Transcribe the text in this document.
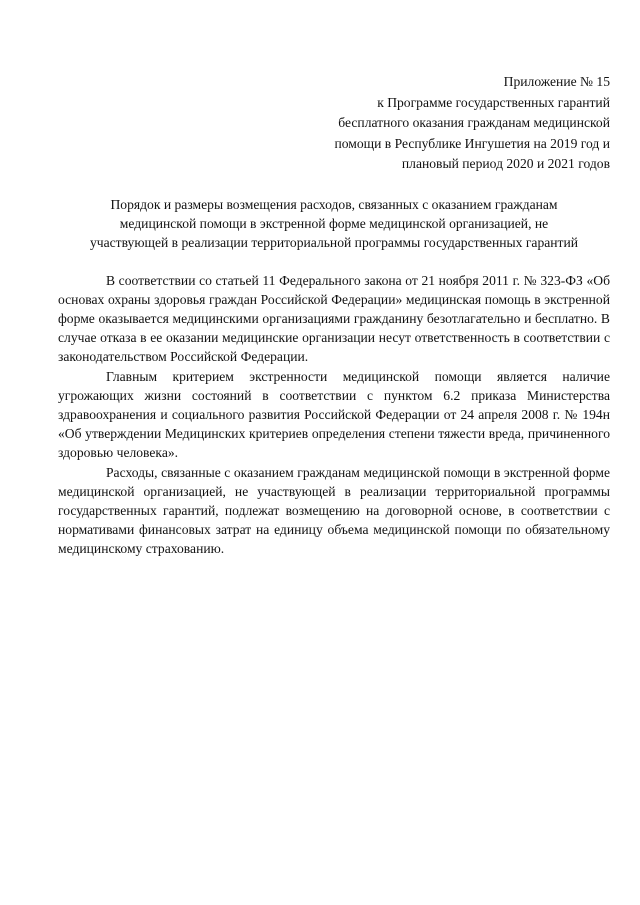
Приложение № 15
к Программе государственных гарантий
бесплатного оказания гражданам медицинской
помощи в Республике Ингушетия на 2019 год и
плановый период 2020 и 2021 годов
Порядок и размеры возмещения расходов, связанных с оказанием гражданам
медицинской помощи в экстренной форме медицинской организацией, не
участвующей в реализации территориальной программы государственных гарантий

В соответствии со статьей 11 Федерального закона от 21 ноября 2011 г. № 323-ФЗ «Об основах охраны здоровья граждан Российской Федерации» медицинская помощь в экстренной форме оказывается медицинскими организациями гражданину безотлагательно и бесплатно. В случае отказа в ее оказании медицинские организации несут ответственность в соответствии с законодательством Российской Федерации.

Главным критерием экстренности медицинской помощи является наличие угрожающих жизни состояний в соответствии с пунктом 6.2 приказа Министерства здравоохранения и социального развития Российской Федерации от 24 апреля 2008 г. № 194н «Об утверждении Медицинских критериев определения степени тяжести вреда, причиненного здоровью человека».

Расходы, связанные с оказанием гражданам медицинской помощи в экстренной форме медицинской организацией, не участвующей в реализации территориальной программы государственных гарантий, подлежат возмещению на договорной основе, в соответствии с нормативами финансовых затрат на единицу объема медицинской помощи по обязательному медицинскому страхованию.
